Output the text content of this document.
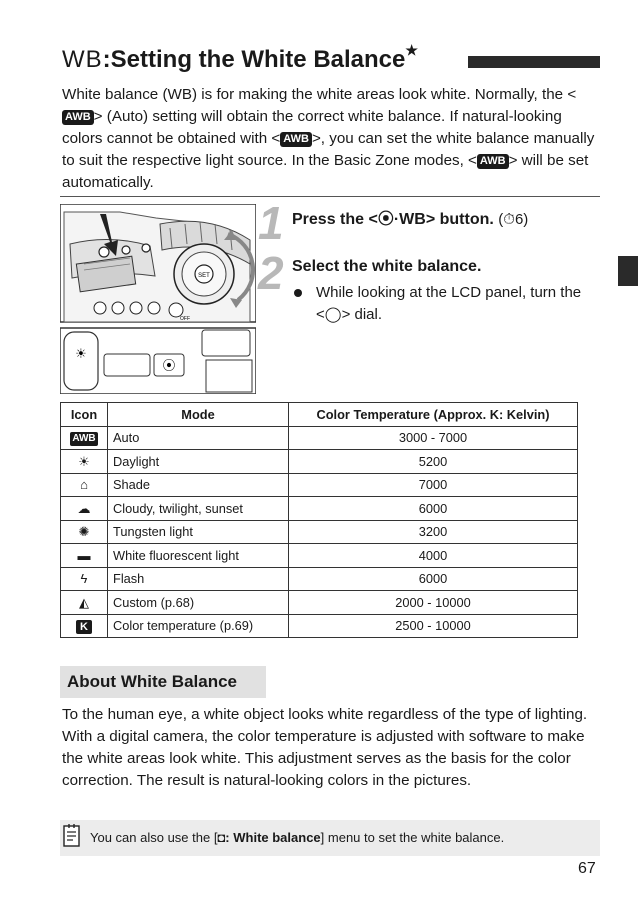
WB:Setting the White Balance★
White balance (WB) is for making the white areas look white. Normally, the <AWB > (Auto) setting will obtain the correct white balance. If natural-looking colors cannot be obtained with < AWB >, you can set the white balance manually to suit the respective light source. In the Basic Zone modes, < AWB > will be set automatically.
SET
OFF
☀
⦿
1 Press the <⦿·WB> button. (⏱6)
2 Select the white balance.
While looking at the LCD panel, turn the <◯> dial.
Icon	Mode	Color Temperature (Approx. K: Kelvin)
AWB	Auto	3000 - 7000
☀	Daylight	5200
⌂	Shade	7000
☁	Cloudy, twilight, sunset	6000
✺	Tungsten light	3200
▬	White fluorescent light	4000
ϟ	Flash	6000
◭	Custom (p.68)	2000 - 10000
K	Color temperature (p.69)	2500 - 10000
About White Balance
To the human eye, a white object looks white regardless of the type of lighting. With a digital camera, the color temperature is adjusted with software to make the white areas look white. This adjustment serves as the basis for the color correction. The result is natural-looking colors in the pictures.
You can also use the [◘: White balance] menu to set the white balance.
67
